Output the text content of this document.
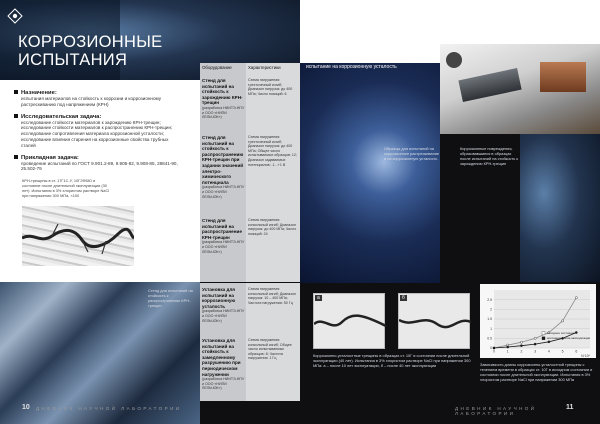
КОРРОЗИОННЫЕ
ИСПЫТАНИЯ
Назначение:
испытания материалов на стойкость к коррозии и коррозионному растрескиванию под напряжением (КРН)
Исследовательская задача:
исследование стойкости материалов к зарождению КРН-трещин; исследование стойкости материалов к распространению КРН-трещин; исследование сопротивления материала коррозионной усталости; исследование влияния старения на коррозионные свойства трубных сталей
Прикладная задача:
проведение испытаний по ГОСТ 9.901.2-89, 9.905-82, 9.908-85, 28841-90, 25.502-79
КРН-трещины в ст. 17Г1С-У, 10Г2ФБЮ и состояние после длительной эксплуатации (30 лет). Испытания в 3% хлористом растворе NaCl при напряжении 300 МПа, ×100
Оборудование	Характеристики
Стенд для испытаний на стойкость к зарождению КРН-трещин
(разработка НИИТЭ-НПУ и ООО «НИПИ ЛЕЛЬЧОК»)
Схема нагружения: трехточечный изгиб; Диапазон нагрузок: до 400 МПа; Число позиций: 6
Стенд для испытаний на стойкость к распространению КРН-трещин при задании значений электро-химического потенциала
(разработка НИИТЭ-НПУ и ООО «НИПИ ЛЕЛЬЧОК»)
Схема нагружения: трехточечный изгиб; Диапазон нагрузок: до 400 МПа; Общее число испытываемых образцов: 12; Диапазон задаваемых потенциалов: -1...+1 В
Стенд для испытаний на распространение КРН-трещин
(разработка НИИТЭ-НПУ и ООО «НИПИ ЛЕЛЬЧОК»)
Схема нагружения: консольный изгиб; Диапазон нагрузок: до 400 МПа; Число позиций: 24
Стенд для испытаний на стойкость к распространению КРН-трещин
Установка для испытаний на коррозионную усталость
(разработка НИИТЭ-НПУ и ООО «НИПИ ЛЕЛЬЧОК»)
Схема нагружения: консольный изгиб; Диапазон нагрузок: 10 – 400 МПа; Частота нагружения: 50 Гц
Установка для испытаний на стойкость к замедленному разрушению при периодическом нагружении
(разработка НИИТЭ-НПУ и ООО «НИПИ ЛЕЛЬЧОК»)
Схема нагружения: консольный изгиб; Общее число испытываемых образцов: 8; Частота нагружения: 1 Гц
10 ДНЕВНИК НАУЧНОЙ ЛАБОРАТОРИИ
испытание на коррозионную усталость
Образцы для испытаний на коррозионное растрескивание и на коррозионную усталость
Коррозионные повреждения, образовавшиеся в образцах после испытаний на стойкость к зарождению КРН-трещин
a	б
Коррозионно-усталостные трещины в образцах ст. 10Г в состоянии после длительной эксплуатации (40 лет). Испытания в 3% хлористом растворе NaCl при напряжении 300 МПа: а – после 10 лет эксплуатации, б – после 40 лет эксплуатации
0
0.5
1
1.5
2
2.5
0	1	2	3	4	5	6
N·10⁶
исходное состояние
состояние после эксплуатации
Зависимость длины коррозионно-усталостной трещины с течением времени в образцах ст. 10Г в исходном состоянии и состоянии после длительной эксплуатации. Испытания в 3% хлористом растворе NaCl при напряжении 300 МПа
ДНЕВНИК НАУЧНОЙ ЛАБОРАТОРИИ
11
